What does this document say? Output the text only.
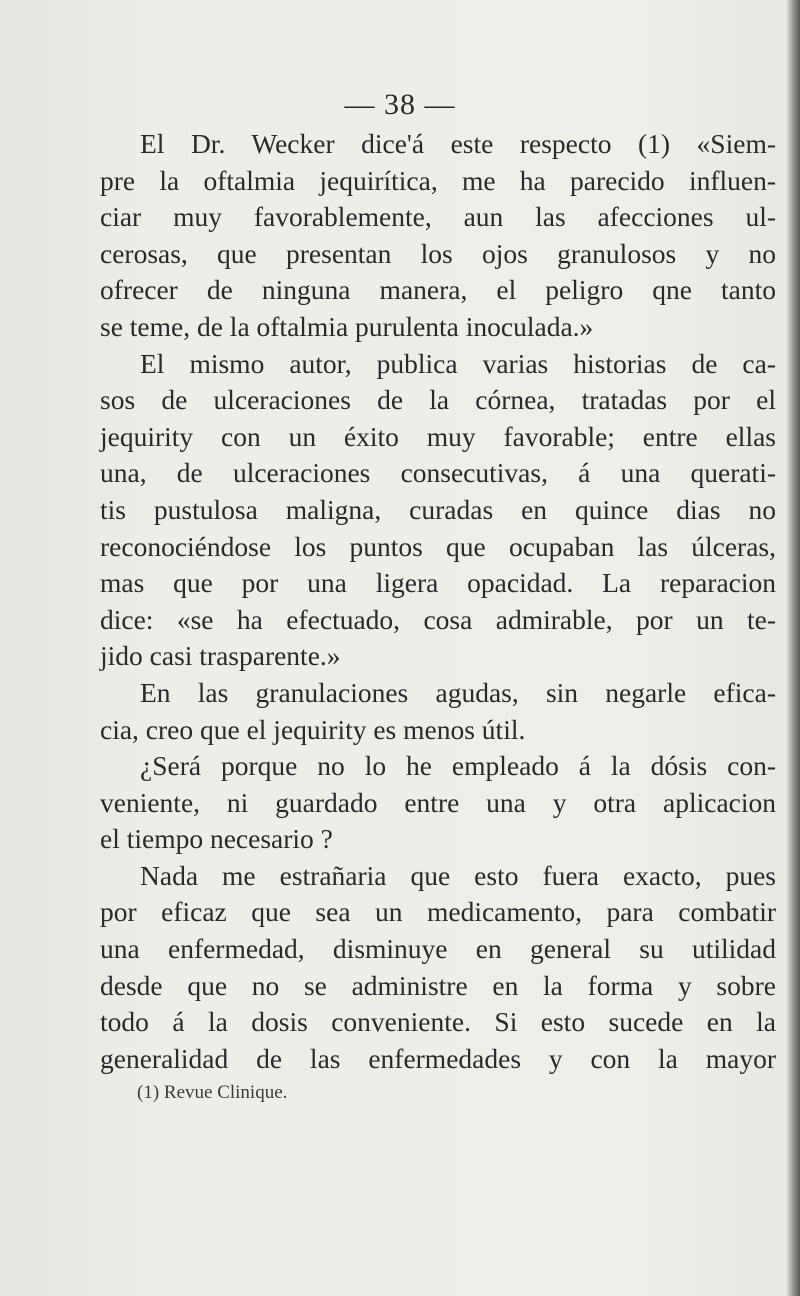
— 38 —
El Dr. Wecker dice'á este respecto (1) «Siem-
pre la oftalmia jequirítica, me ha parecido influen-
ciar muy favorablemente, aun las afecciones ul-
cerosas, que presentan los ojos granulosos y no
ofrecer de ninguna manera, el peligro qne tanto
se teme, de la oftalmia purulenta inoculada.»
El mismo autor, publica varias historias de ca-
sos de ulceraciones de la córnea, tratadas por el
jequirity con un éxito muy favorable; entre ellas
una, de ulceraciones consecutivas, á una querati-
tis pustulosa maligna, curadas en quince dias no
reconociéndose los puntos que ocupaban las úlceras,
mas que por una ligera opacidad. La reparacion
dice: «se ha efectuado, cosa admirable, por un te-
jido casi trasparente.»
En las granulaciones agudas, sin negarle efica-
cia, creo que el jequirity es menos útil.
¿Será porque no lo he empleado á la dósis con-
veniente, ni guardado entre una y otra aplicacion
el tiempo necesario ?
Nada me estrañaria que esto fuera exacto, pues
por eficaz que sea un medicamento, para combatir
una enfermedad, disminuye en general su utilidad
desde que no se administre en la forma y sobre
todo á la dosis conveniente. Si esto sucede en la
generalidad de las enfermedades y con la mayor
(1) Revue Clinique.
